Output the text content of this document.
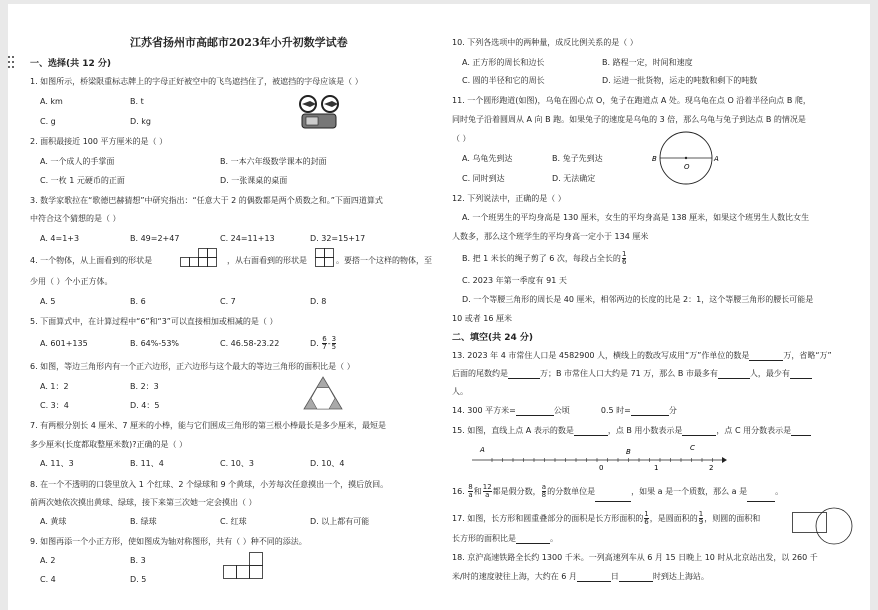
江苏省扬州市高邮市2023年小升初数学试卷
一、选择(共 12 分)
1. 如图所示，桥梁限重标志牌上的字母正好被空中的飞鸟遮挡住了，被遮挡的字母应该是（ ）
A. km	B. t
C. g	D. kg
2. 面积最接近 100 平方厘米的是（ ）
A. 一个成人的手掌面	B. 一本六年级数学课本的封面
C. 一枚 1 元硬币的正面	D. 一张课桌的桌面
3. 数学家歌拉在“歌德巴赫猜想”中研究指出：“任意大于 2 的偶数都是两个质数之和。”下面四道算式
中符合这个猜想的是（ ）
A. 4=1+3	B. 49=2+47	C. 24=11+13	D. 32=15+17
4. 一个物体，从上面看到的形状是	，从右面看到的形状是	。要搭一个这样的物体，至
少用（ ）个小正方体。
A. 5	B. 6	C. 7	D. 8
5. 下面算式中，在计算过程中“6”和“3”可以直接相加或相减的是（ ）
A. 601+135	B. 64%-53%	C. 46.58-23.22	D. $\frac{6}{7} - \frac{3}{5}$
6. 如图，等边三角形内有一个正六边形，正六边形与这个最大的等边三角形的面积比是（ ）
A. 1：2	B. 2：3
C. 3：4	D. 4：5
7. 有两根分别长 4 厘米、7 厘米的小棒，能与它们围成三角形的第三根小棒最长是多少厘米，最短是
多少厘米(长度都取整厘米数)?正确的是（ ）
A. 11、3	B. 11、4	C. 10、3	D. 10、4
8. 在一个不透明的口袋里放入 1 个红球、2 个绿球和 9 个黄球，小芳每次任意摸出一个，摸后放回。
前两次她依次摸出黄球、绿球，接下来第三次她一定会摸出（ ）
A. 黄球	B. 绿球	C. 红球	D. 以上都有可能
9. 如图再添一个小正方形，使如图成为轴对称图形，共有（ ）种不同的添法。
A. 2	B. 3
C. 4	D. 5
10. 下列各选项中的两种量，成反比例关系的是（ ）
A. 正方形的周长和边长	B. 路程一定，时间和速度
C. 圆的半径和它的周长	D. 运进一批货物，运走的吨数和剩下的吨数
11. 一个圆形跑道(如图)，乌龟在圆心点 O，兔子在跑道点 A 处。现乌龟在点 O 沿着半径向点 B 爬，
同时兔子沿着圆周从 A 向 B 跑。如果兔子的速度是乌龟的 3 倍，那么乌龟与兔子到达点 B 的情况是
（ ）
A. 乌龟先到达	B. 兔子先到达
C. 同时到达	D. 无法确定
B
O
A
12. 下列说法中，正确的是（ ）
A. 一个班男生的平均身高是 130 厘米，女生的平均身高是 138 厘米，如果这个班男生人数比女生
人数多，那么这个班学生的平均身高一定小于 134 厘米
B. 把 1 米长的绳子剪了 6 次，每段占全长的 $\frac{1}{6}$
C. 2023 年第一季度有 91 天
D. 一个等腰三角形的周长是 40 厘米，相邻两边的长度的比是 2：1，这个等腰三角形的腰长可能是
10 或者 16 厘米
二、填空(共 24 分)
13. 2023 年 4 市常住人口是 4582900 人，横线上的数改写成用“万”作单位的数是	万，省略“万”
后面的尾数约是	万；B 市常住人口大约是 71 万，那么 B 市最多有	人，最少有
人。
14. 300 平方米=	公顷	0.5 时=	分
15. 如图，直线上点 A 表示的数是	，点 B 用小数表示是	，点 C 用分数表示是
A	B	C
0	1	2
16. $\frac{8}{a}$ 和 $\frac{12}{a}$ 都是假分数， $\frac{a}{8}$ 的分数单位是	，如果 a 是一个质数，那么 a 是	。
17. 如图，长方形和圆重叠部分的面积是长方形面积的 $\frac{1}{6}$ ，是圆面积的 $\frac{1}{9}$ ，则圆的面积和
长方形的面积比是	。
18. 京沪高速铁路全长约 1300 千米。一列高速列车从 6 月 15 日晚上 10 时从北京站出发，以 260 千
米/时的速度驶往上海，大约在 6 月	日	时到达上海站。
